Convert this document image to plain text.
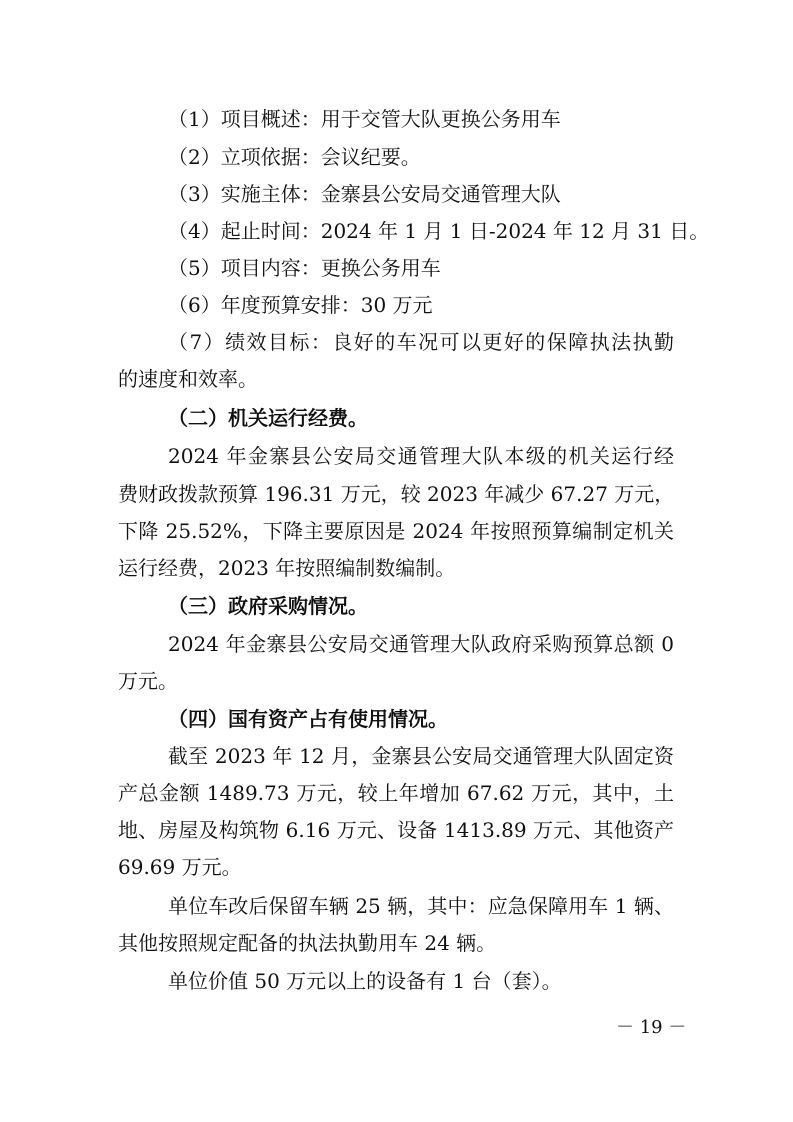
（1）项目概述：用于交管大队更换公务用车
（2）立项依据：会议纪要。
（3）实施主体：金寨县公安局交通管理大队
（4）起止时间：2024 年 1 月 1 日-2024 年 12 月 31 日。
（5）项目内容：更换公务用车
（6）年度预算安排：30 万元
（7）绩效目标：良好的车况可以更好的保障执法执勤
的速度和效率。
（二）机关运行经费。
2024 年金寨县公安局交通管理大队本级的机关运行经
费财政拨款预算 196.31 万元，较 2023 年减少 67.27 万元，
下降 25.52%，下降主要原因是 2024 年按照预算编制定机关
运行经费，2023 年按照编制数编制。
（三）政府采购情况。
2024 年金寨县公安局交通管理大队政府采购预算总额 0
万元。
（四）国有资产占有使用情况。
截至 2023 年 12 月，金寨县公安局交通管理大队固定资
产总金额 1489.73 万元，较上年增加 67.62 万元，其中，土
地、房屋及构筑物 6.16 万元、设备 1413.89 万元、其他资产
69.69 万元。
单位车改后保留车辆 25 辆，其中：应急保障用车 1 辆、
其他按照规定配备的执法执勤用车 24 辆。
单位价值 50 万元以上的设备有 1 台（套）。
－ 19 －
